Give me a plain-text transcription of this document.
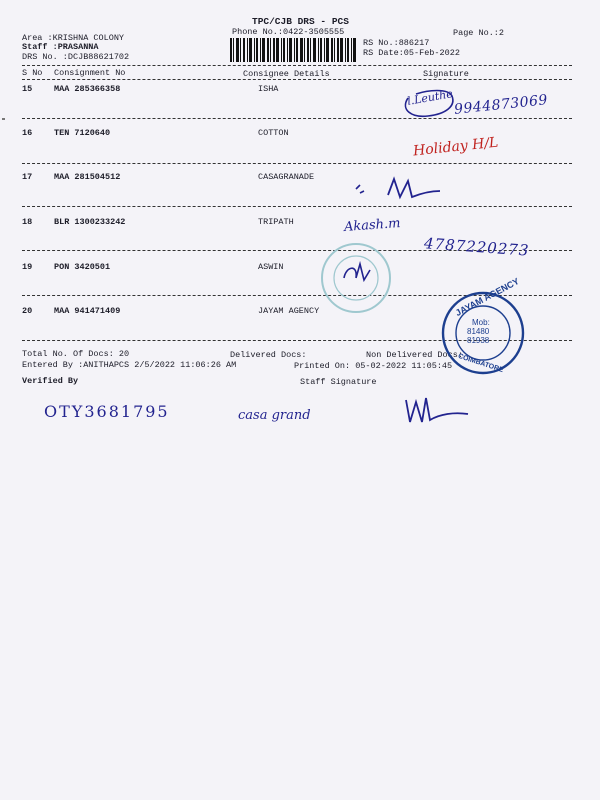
TPC/CJB DRS - PCS
Phone No.:0422-3505555	Page No.:2
Area :KRISHNA COLONY
Staff :PRASANNA
DRS No. :DCJB88621702
RS No.:886217
RS Date:05-Feb-2022
S No Consignment No	Consignee Details	Signature
15	MAA 285366358	ISHA
16	TEN 7120640	COTTON
17	MAA 281504512	CASAGRANADE
18	BLR 1300233242	TRIPATH
19	PON 3420501	ASWIN
20	MAA 941471409	JAYAM AGENCY
Total No. Of Docs: 20	Delivered Docs:	Non Delivered Docs:
Entered By :ANITHAPCS 2/5/2022 11:06:26 AM	Printed On: 05-02-2022 11:05:45
Verified By	Staff Signature
l.Leuthe 9944873069
Holiday H/L
Akash.m
4787220273
JAYAM AGENCY
COIMBATORE
Mob:
81480
81938
OTY3681795	casa grand
